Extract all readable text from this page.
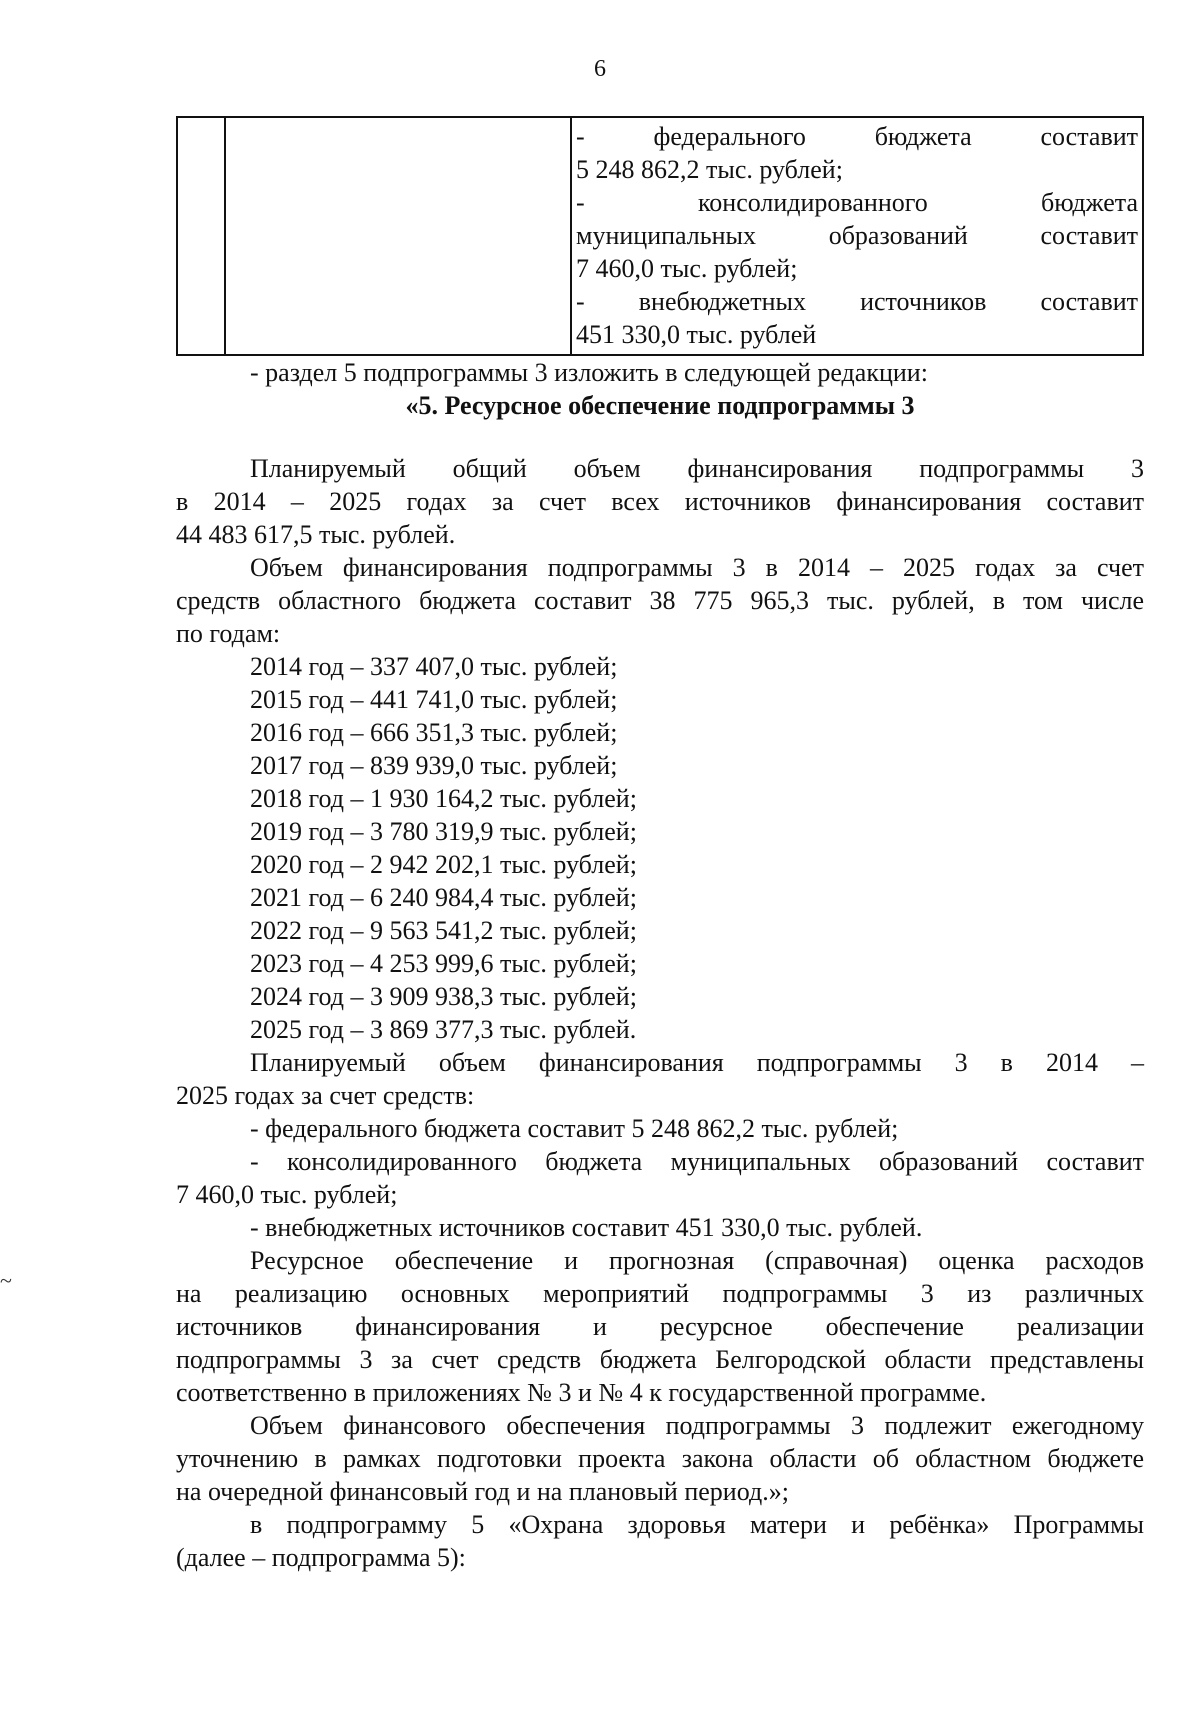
6
~

- федерального бюджета составит
5 248 862,2 тыс. рублей;
- консолидированного бюджета
муниципальных образований составит
7 460,0 тыс. рублей;
- внебюджетных источников составит
451 330,0 тыс. рублей

- раздел 5 подпрограммы 3 изложить в следующей редакции:

«5. Ресурсное обеспечение подпрограммы 3

Планируемый общий объем финансирования подпрограммы 3
в 2014 – 2025 годах за счет всех источников финансирования составит
44 483 617,5 тыс. рублей.
Объем финансирования подпрограммы 3 в 2014 – 2025 годах за счет
средств областного бюджета составит 38 775 965,3 тыс. рублей, в том числе
по годам:

2014 год – 337 407,0 тыс. рублей;

2015 год – 441 741,0 тыс. рублей;

2016 год – 666 351,3 тыс. рублей;

2017 год – 839 939,0 тыс. рублей;

2018 год – 1 930 164,2 тыс. рублей;

2019 год – 3 780 319,9 тыс. рублей;

2020 год – 2 942 202,1 тыс. рублей;

2021 год – 6 240 984,4 тыс. рублей;

2022 год – 9 563 541,2 тыс. рублей;

2023 год – 4 253 999,6 тыс. рублей;

2024 год – 3 909 938,3 тыс. рублей;

2025 год – 3 869 377,3 тыс. рублей.

Планируемый объем финансирования подпрограммы 3 в 2014 –
2025 годах за счет средств:

- федерального бюджета составит 5 248 862,2 тыс. рублей;

- консолидированного бюджета муниципальных образований составит
7 460,0 тыс. рублей;

- внебюджетных источников составит 451 330,0 тыс. рублей.

Ресурсное обеспечение и прогнозная (справочная) оценка расходов
на реализацию основных мероприятий подпрограммы 3 из различных
источников финансирования и ресурсное обеспечение реализации
подпрограммы 3 за счет средств бюджета Белгородской области представлены
соответственно в приложениях № 3 и № 4 к государственной программе.
Объем финансового обеспечения подпрограммы 3 подлежит ежегодному
уточнению в рамках подготовки проекта закона области об областном бюджете
на очередной финансовый год и на плановый период.»;
в подпрограмму 5 «Охрана здоровья матери и ребёнка» Программы
(далее – подпрограмма 5):
